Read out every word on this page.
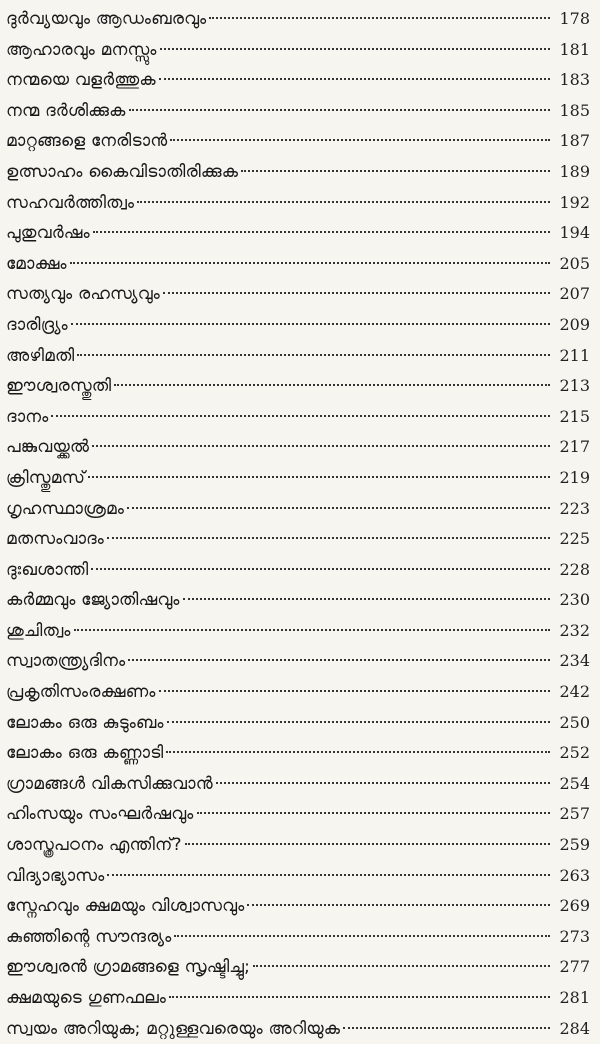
ദുർവ്യയവും ആഡംബരവും	178
ആഹാരവും മനസ്സും	181
നന്മയെ വളർത്തുക	183
നന്മ ദർശിക്കുക	185
മാറ്റങ്ങളെ നേരിടാൻ	187
ഉത്സാഹം കൈവിടാതിരിക്കുക	189
സഹവർത്തിത്വം	192
പുതുവർഷം	194
മോക്ഷം	205
സത്യവും രഹസ്യവും	207
ദാരിദ്ര്യം	209
അഴിമതി	211
ഈശ്വരസ്തുതി	213
ദാനം	215
പങ്കുവയ്ക്കൽ	217
ക്രിസ്തുമസ്	219
ഗൃഹസ്ഥാശ്രമം	223
മതസംവാദം	225
ദുഃഖശാന്തി	228
കർമ്മവും ജ്യോതിഷവും	230
ശുചിത്വം	232
സ്വാതന്ത്ര്യദിനം	234
പ്രകൃതിസംരക്ഷണം	242
ലോകം ഒരു കുടുംബം	250
ലോകം ഒരു കണ്ണാടി	252
ഗ്രാമങ്ങൾ വികസിക്കുവാൻ	254
ഹിംസയും സംഘർഷവും	257
ശാസ്ത്രപഠനം എന്തിന്?	259
വിദ്യാഭ്യാസം	263
സ്നേഹവും ക്ഷമയും വിശ്വാസവും	269
കുഞ്ഞിന്റെ സൗന്ദര്യം	273
ഈശ്വരൻ ഗ്രാമങ്ങളെ സൃഷ്ടിച്ചു;	277
ക്ഷമയുടെ ഗുണഫലം	281
സ്വയം അറിയുക; മറ്റുള്ളവരെയും അറിയുക	284
